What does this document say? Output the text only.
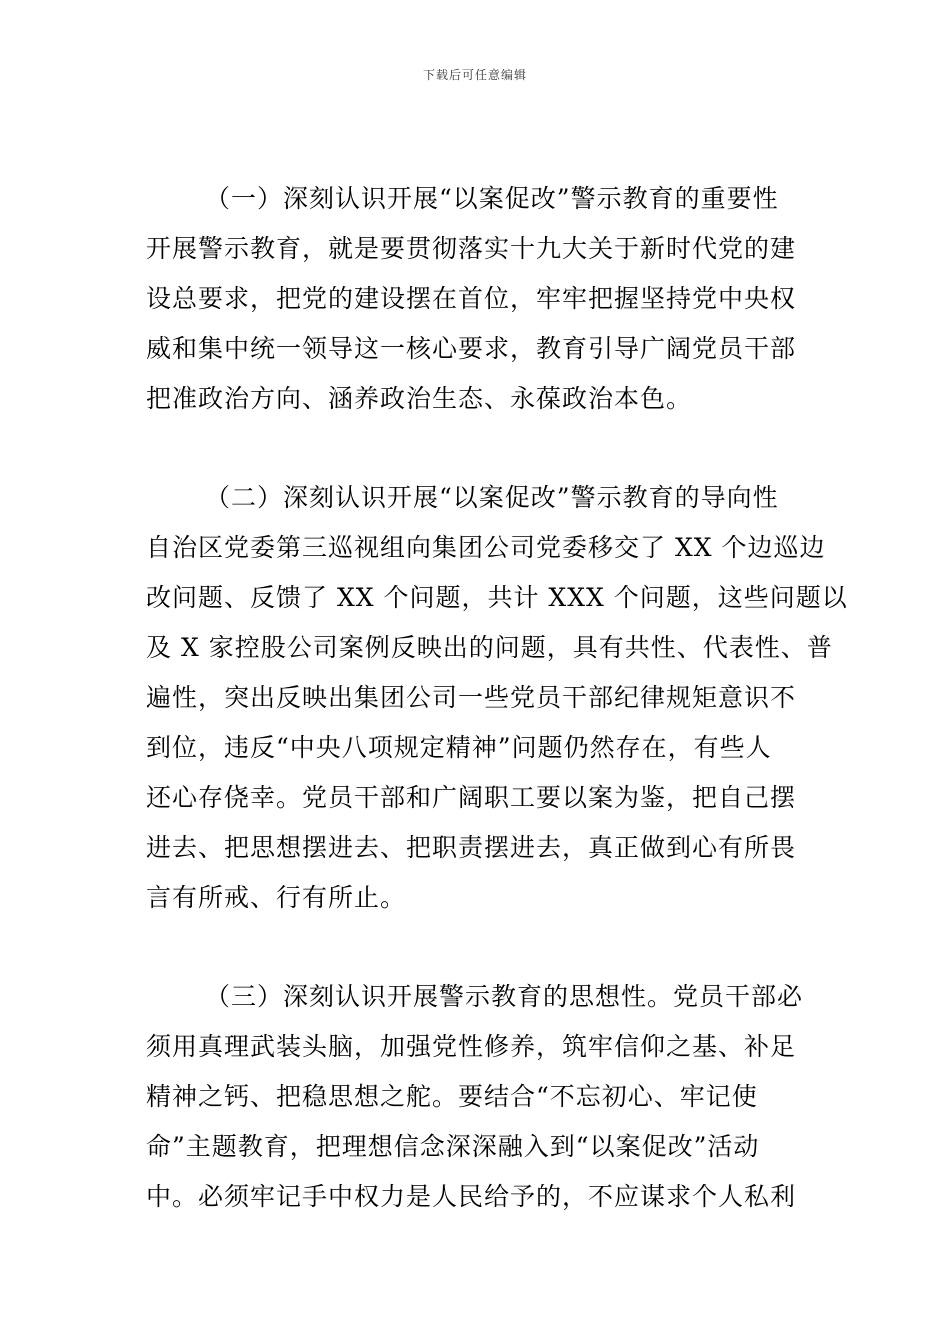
下载后可任意编辑
（一）深刻认识开展“以案促改”警示教育的重要性
开展警示教育，就是要贯彻落实十九大关于新时代党的建
设总要求，把党的建设摆在首位，牢牢把握坚持党中央权
威和集中统一领导这一核心要求，教育引导广阔党员干部
把准政治方向、涵养政治生态、永葆政治本色。
（二）深刻认识开展“以案促改”警示教育的导向性
自治区党委第三巡视组向集团公司党委移交了 XX 个边巡边
改问题、反馈了 XX 个问题，共计 XXX 个问题，这些问题以
及 X 家控股公司案例反映出的问题，具有共性、代表性、普
遍性，突出反映出集团公司一些党员干部纪律规矩意识不
到位，违反“中央八项规定精神”问题仍然存在，有些人
还心存侥幸。党员干部和广阔职工要以案为鉴，把自己摆
进去、把思想摆进去、把职责摆进去，真正做到心有所畏
言有所戒、行有所止。
（三）深刻认识开展警示教育的思想性。党员干部必
须用真理武装头脑，加强党性修养，筑牢信仰之基、补足
精神之钙、把稳思想之舵。要结合“不忘初心、牢记使
命”主题教育，把理想信念深深融入到“以案促改”活动
中。必须牢记手中权力是人民给予的，不应谋求个人私利
